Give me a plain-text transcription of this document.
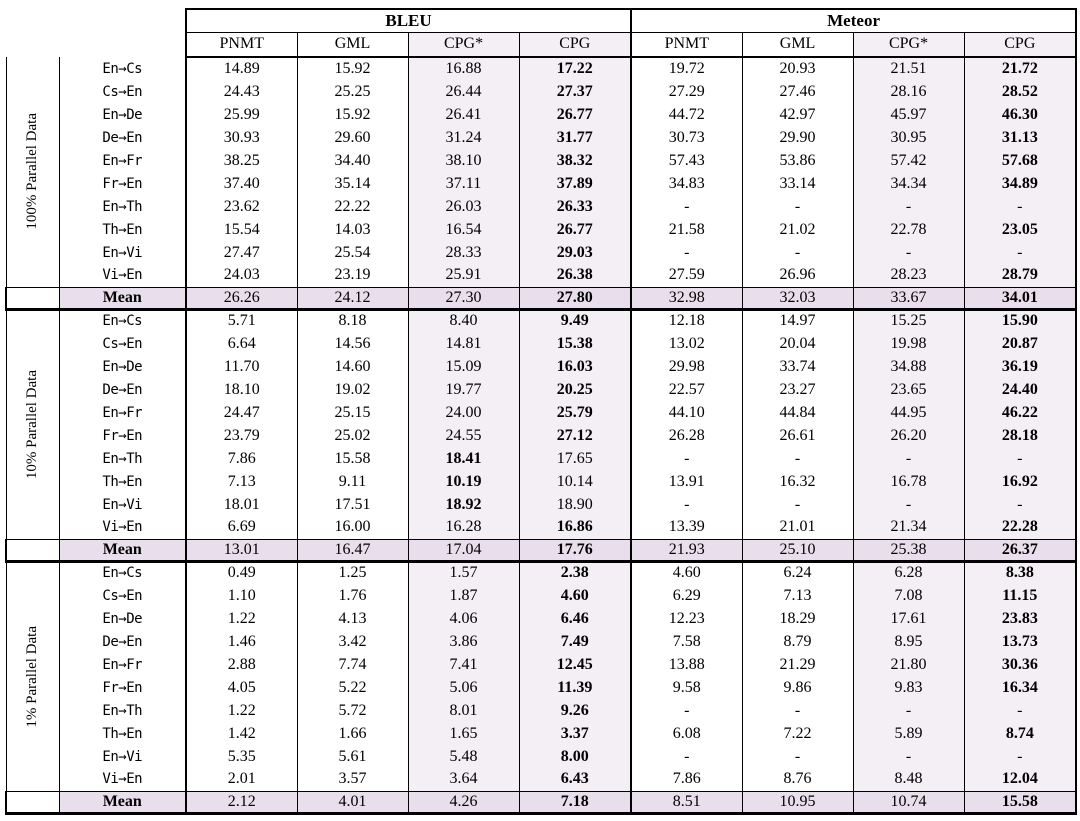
		BLEU				Meteor			
		PNMT	GML	CPG*	CPG	PNMT	GML	CPG*	CPG

100% Parallel Data	En→Cs	14.89	15.92	16.88	17.22	19.72	20.93	21.51	21.72
	Cs→En	24.43	25.25	26.44	27.37	27.29	27.46	28.16	28.52
	En→De	25.99	15.92	26.41	26.77	44.72	42.97	45.97	46.30
	De→En	30.93	29.60	31.24	31.77	30.73	29.90	30.95	31.13
	En→Fr	38.25	34.40	38.10	38.32	57.43	53.86	57.42	57.68
	Fr→En	37.40	35.14	37.11	37.89	34.83	33.14	34.34	34.89
	En→Th	23.62	22.22	26.03	26.33	-	-	-	-
	Th→En	15.54	14.03	16.54	26.77	21.58	21.02	22.78	23.05
	En→Vi	27.47	25.54	28.33	29.03	-	-	-	-
	Vi→En	24.03	23.19	25.91	26.38	27.59	26.96	28.23	28.79
	Mean	26.26	24.12	27.30	27.80	32.98	32.03	33.67	34.01

10% Parallel Data	En→Cs	5.71	8.18	8.40	9.49	12.18	14.97	15.25	15.90
	Cs→En	6.64	14.56	14.81	15.38	13.02	20.04	19.98	20.87
	En→De	11.70	14.60	15.09	16.03	29.98	33.74	34.88	36.19
	De→En	18.10	19.02	19.77	20.25	22.57	23.27	23.65	24.40
	En→Fr	24.47	25.15	24.00	25.79	44.10	44.84	44.95	46.22
	Fr→En	23.79	25.02	24.55	27.12	26.28	26.61	26.20	28.18
	En→Th	7.86	15.58	18.41	17.65	-	-	-	-
	Th→En	7.13	9.11	10.19	10.14	13.91	16.32	16.78	16.92
	En→Vi	18.01	17.51	18.92	18.90	-	-	-	-
	Vi→En	6.69	16.00	16.28	16.86	13.39	21.01	21.34	22.28
	Mean	13.01	16.47	17.04	17.76	21.93	25.10	25.38	26.37

1% Parallel Data	En→Cs	0.49	1.25	1.57	2.38	4.60	6.24	6.28	8.38
	Cs→En	1.10	1.76	1.87	4.60	6.29	7.13	7.08	11.15
	En→De	1.22	4.13	4.06	6.46	12.23	18.29	17.61	23.83
	De→En	1.46	3.42	3.86	7.49	7.58	8.79	8.95	13.73
	En→Fr	2.88	7.74	7.41	12.45	13.88	21.29	21.80	30.36
	Fr→En	4.05	5.22	5.06	11.39	9.58	9.86	9.83	16.34
	En→Th	1.22	5.72	8.01	9.26	-	-	-	-
	Th→En	1.42	1.66	1.65	3.37	6.08	7.22	5.89	8.74
	En→Vi	5.35	5.61	5.48	8.00	-	-	-	-
	Vi→En	2.01	3.57	3.64	6.43	7.86	8.76	8.48	12.04
	Mean	2.12	4.01	4.26	7.18	8.51	10.95	10.74	15.58
